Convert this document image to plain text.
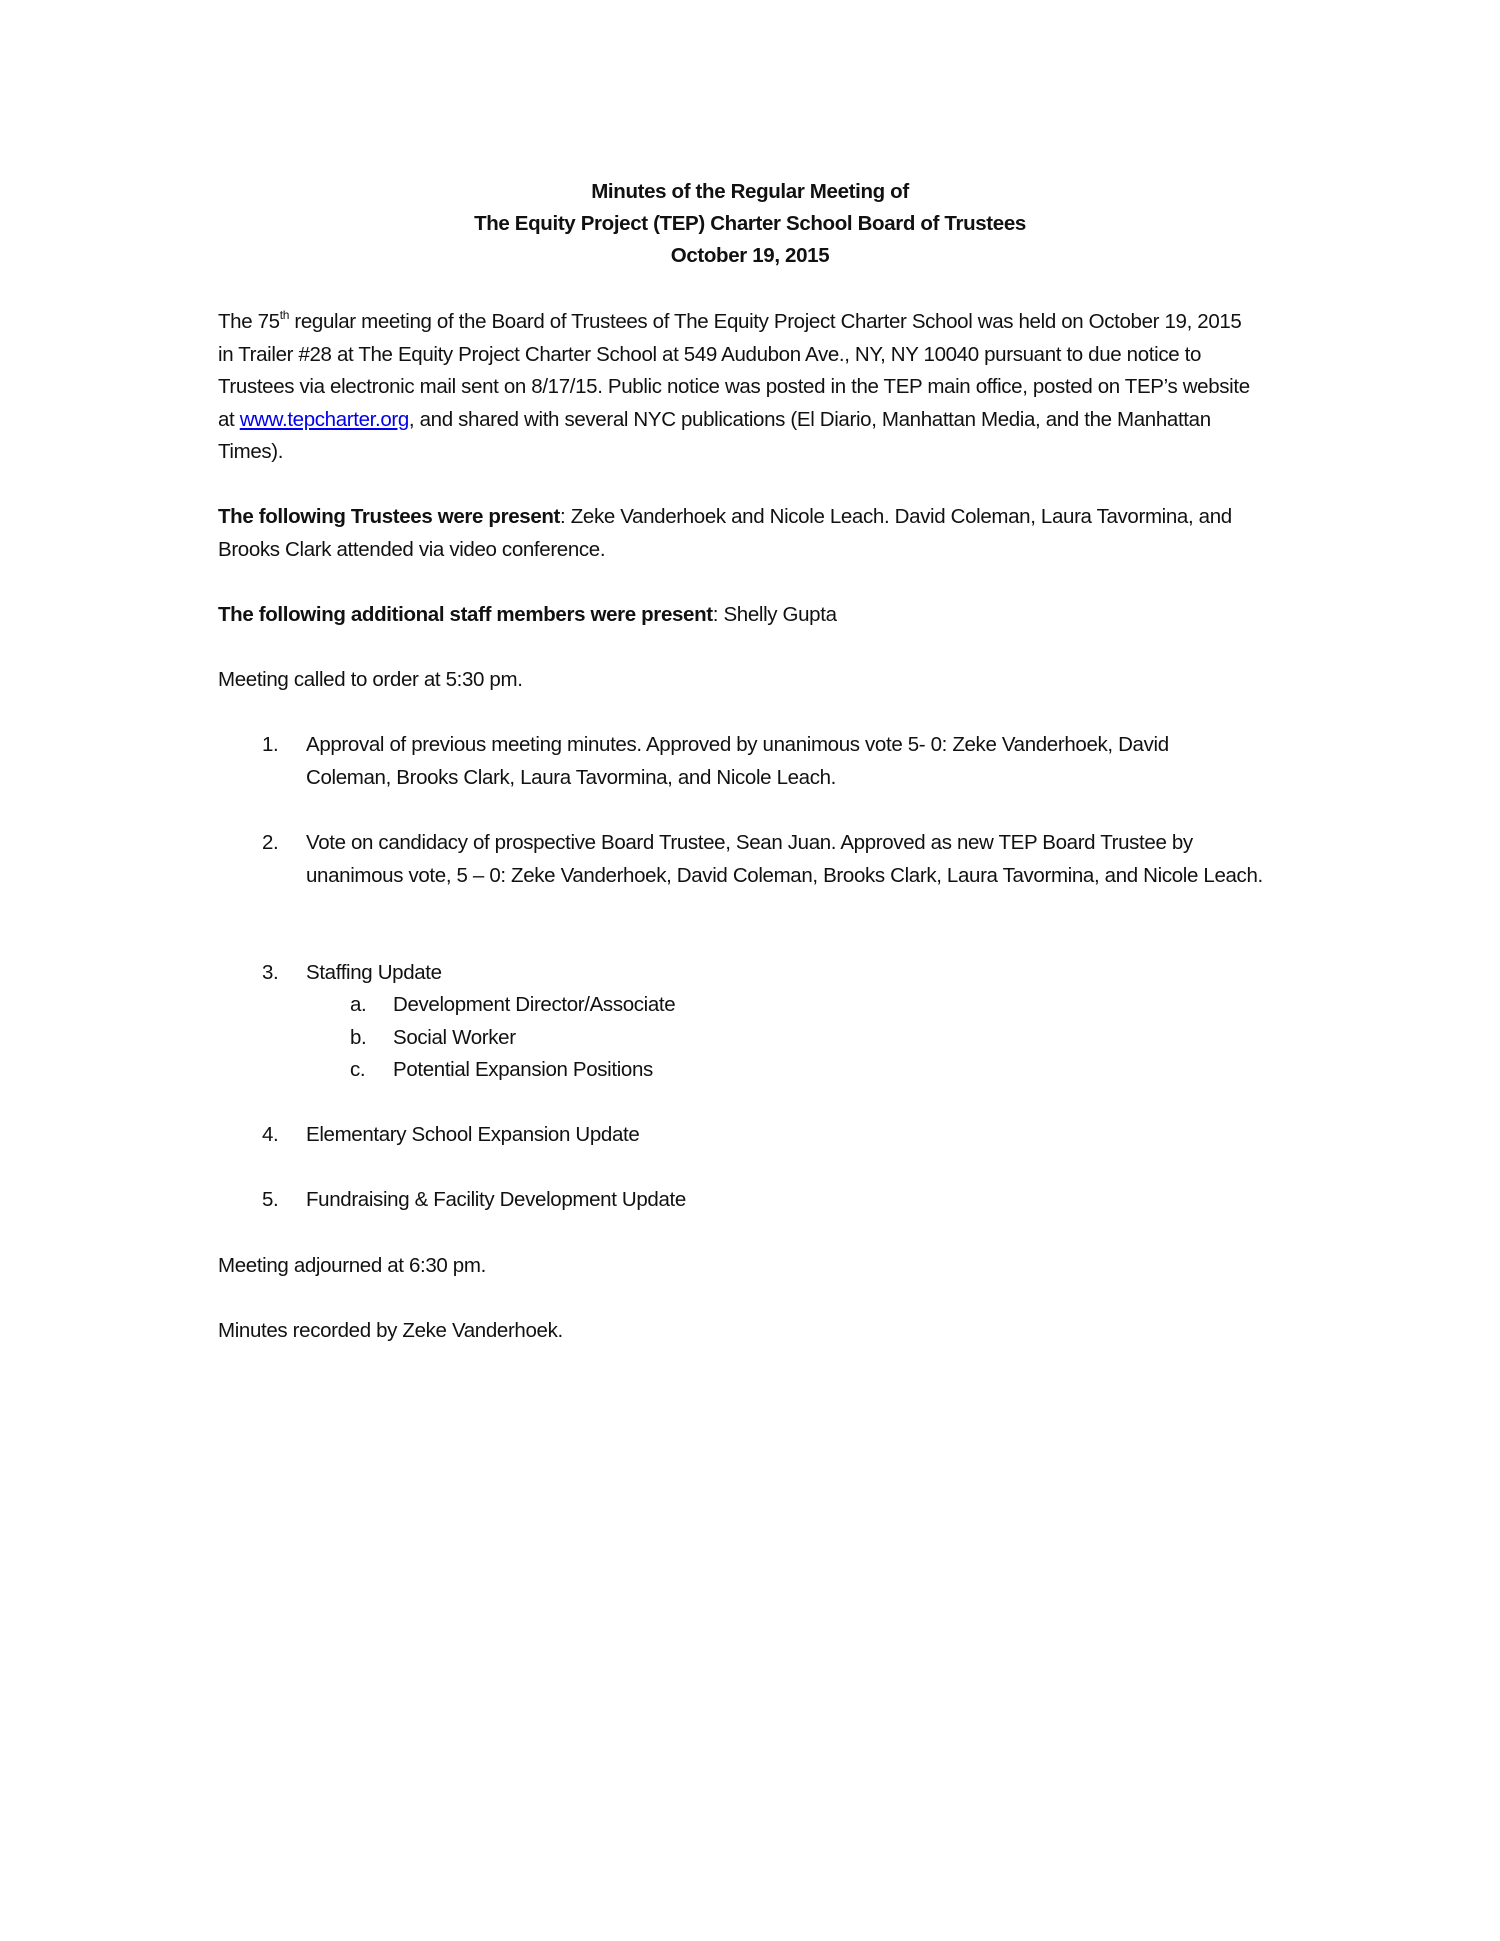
Minutes of the Regular Meeting of
The Equity Project (TEP) Charter School Board of Trustees
October 19, 2015
The 75th regular meeting of the Board of Trustees of The Equity Project Charter School was held on October 19, 2015 in Trailer #28 at The Equity Project Charter School at 549 Audubon Ave., NY, NY 10040 pursuant to due notice to Trustees via electronic mail sent on 8/17/15. Public notice was posted in the TEP main office, posted on TEP’s website at www.tepcharter.org, and shared with several NYC publications (El Diario, Manhattan Media, and the Manhattan Times).
The following Trustees were present: Zeke Vanderhoek and Nicole Leach. David Coleman, Laura Tavormina, and Brooks Clark attended via video conference.
The following additional staff members were present: Shelly Gupta
Meeting called to order at 5:30 pm.
1. Approval of previous meeting minutes. Approved by unanimous vote 5- 0: Zeke Vanderhoek, David Coleman, Brooks Clark, Laura Tavormina, and Nicole Leach.
2. Vote on candidacy of prospective Board Trustee, Sean Juan. Approved as new TEP Board Trustee by unanimous vote, 5 – 0: Zeke Vanderhoek, David Coleman, Brooks Clark, Laura Tavormina, and Nicole Leach.
3. Staffing Update
a. Development Director/Associate
b. Social Worker
c. Potential Expansion Positions
4. Elementary School Expansion Update
5. Fundraising & Facility Development Update
Meeting adjourned at 6:30 pm.
Minutes recorded by Zeke Vanderhoek.
